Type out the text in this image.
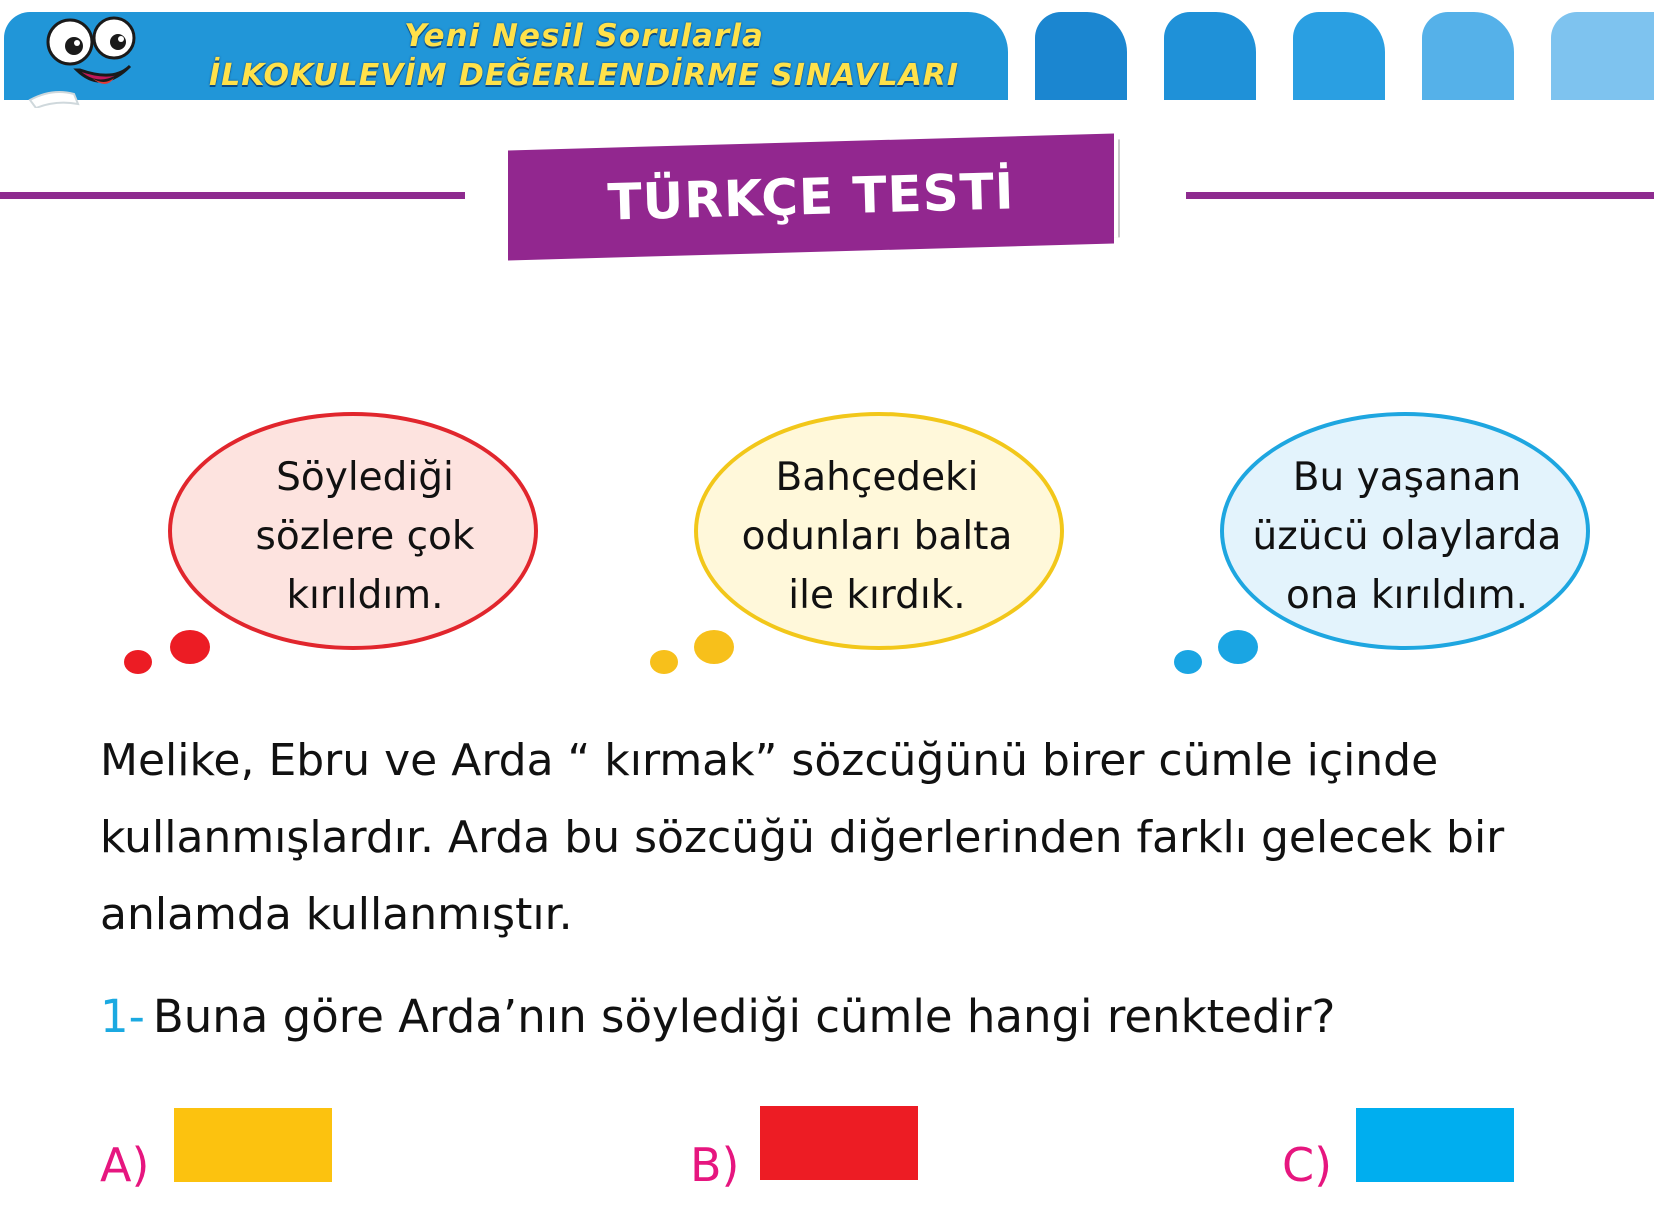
Yeni Nesil Sorularla
İLKOKULEVİM DEĞERLENDİRME SINAVLARI
TÜRKÇE TESTİ
Söylediği
sözlere çok
kırıldım.
Bahçedeki
odunları balta
ile kırdık.
Bu yaşanan
üzücü olaylarda
ona kırıldım.
Melike, Ebru ve Arda “ kırmak” sözcüğünü birer cümle içinde
kullanmışlardır. Arda bu sözcüğü diğerlerinden farklı gelecek bir
anlamda kullanmıştır.
1- Buna göre Arda’nın söylediği cümle hangi renktedir?
A)	B)	C)
